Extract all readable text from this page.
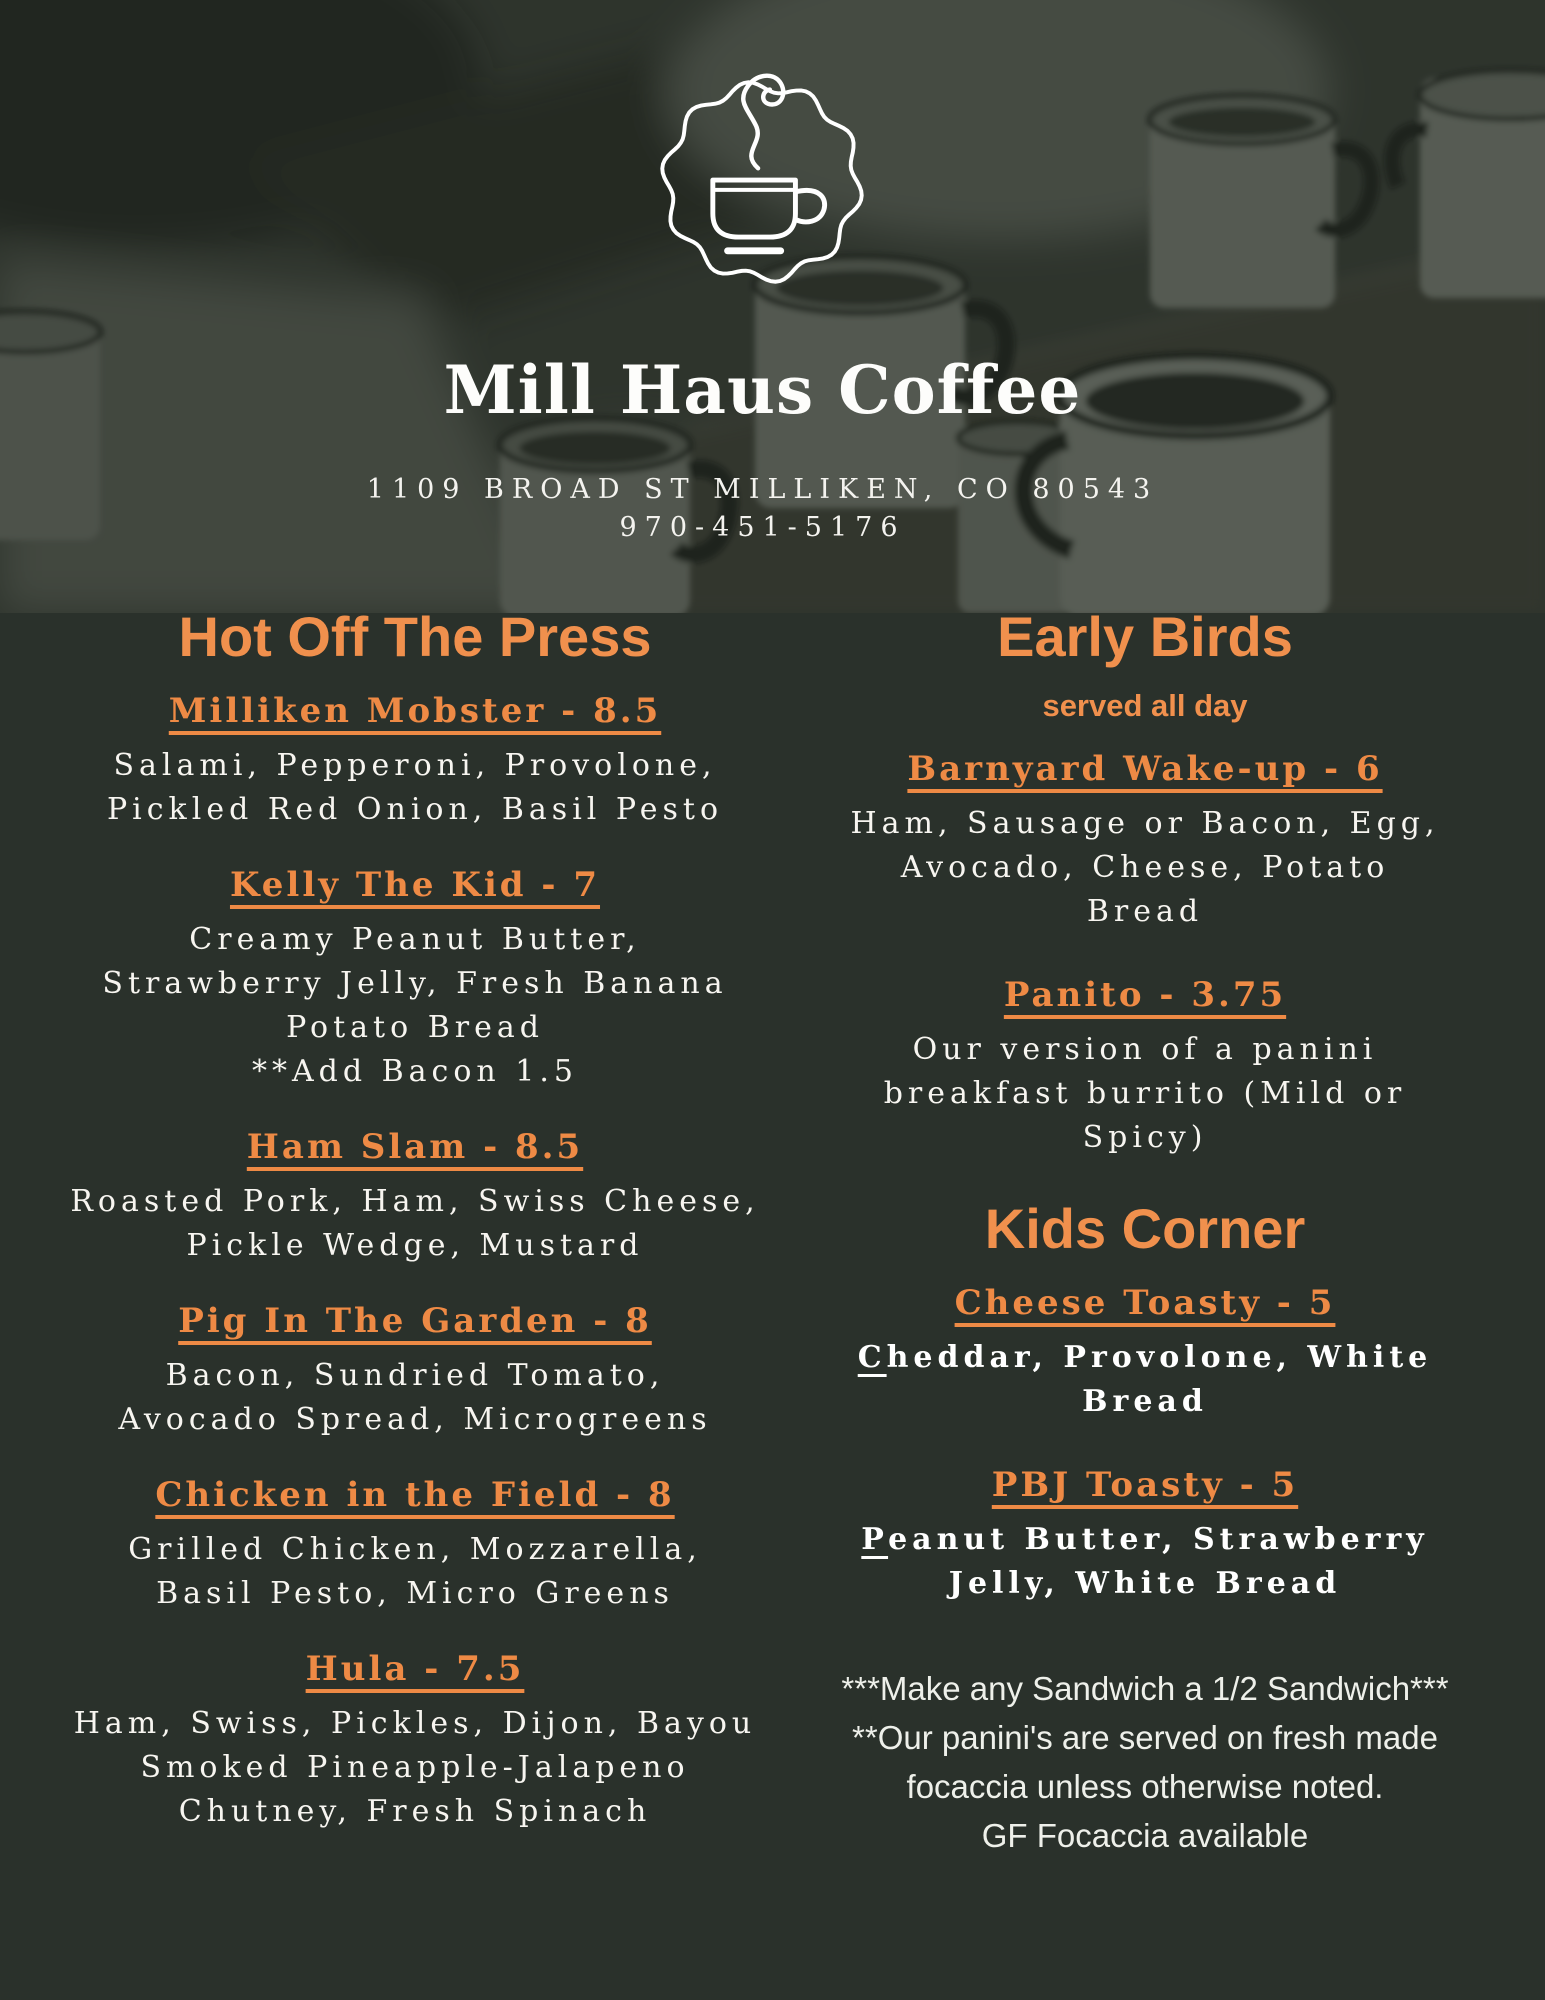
Mill Haus Coffee
1109 BROAD ST MILLIKEN, CO 80543
970-451-5176
Hot Off The Press
Milliken Mobster - 8.5
Salami, Pepperoni, Provolone,
Pickled Red Onion, Basil Pesto
Kelly The Kid - 7
Creamy Peanut Butter,
Strawberry Jelly, Fresh Banana
Potato Bread
**Add Bacon 1.5
Ham Slam - 8.5
Roasted Pork, Ham, Swiss Cheese,
Pickle Wedge, Mustard
Pig In The Garden - 8
Bacon, Sundried Tomato,
Avocado Spread, Microgreens
Chicken in the Field - 8
Grilled Chicken, Mozzarella,
Basil Pesto, Micro Greens
Hula - 7.5
Ham, Swiss, Pickles, Dijon, Bayou
Smoked Pineapple-Jalapeno
Chutney, Fresh Spinach
Early Birds
served all day
Barnyard Wake-up - 6
Ham, Sausage or Bacon, Egg,
Avocado, Cheese, Potato
Bread
Panito - 3.75
Our version of a panini
breakfast burrito (Mild or
Spicy)
Kids Corner
Cheese Toasty - 5
Cheddar, Provolone, White
Bread
PBJ Toasty - 5
Peanut Butter, Strawberry
Jelly, White Bread
***Make any Sandwich a 1/2 Sandwich***
**Our panini's are served on fresh made
focaccia unless otherwise noted.
GF Focaccia available
